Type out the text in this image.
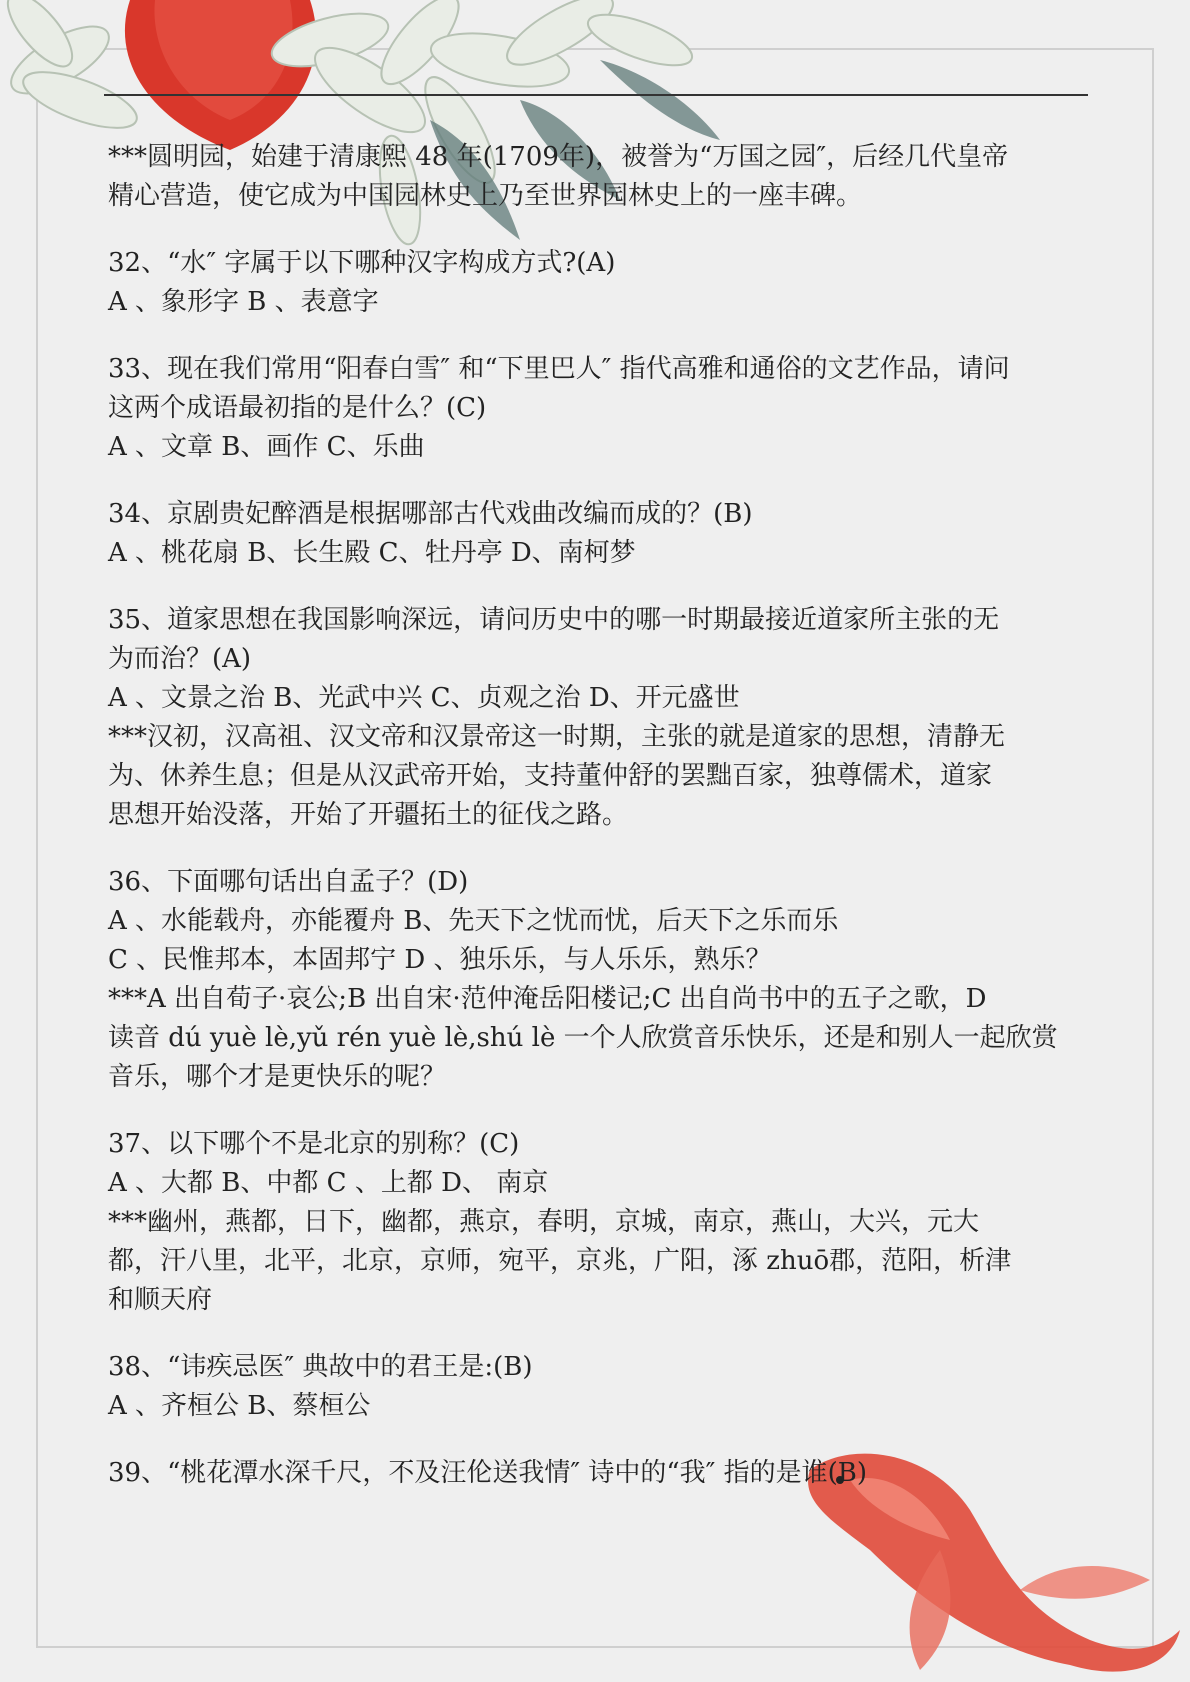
***圆明园，始建于清康熙 48 年(1709年)，被誉为“万国之园″，后经几代皇帝
精心营造，使它成为中国园林史上乃至世界园林史上的一座丰碑。
32、“水″ 字属于以下哪种汉字构成方式?(A)
A 、象形字 B 、表意字
33、现在我们常用“阳春白雪″ 和“下里巴人″ 指代高雅和通俗的文艺作品，请问
这两个成语最初指的是什么？(C)
A 、文章 B、画作 C、乐曲
34、京剧贵妃醉酒是根据哪部古代戏曲改编而成的？(B)
A 、桃花扇 B、长生殿 C、牡丹亭 D、南柯梦
35、道家思想在我国影响深远，请问历史中的哪一时期最接近道家所主张的无
为而治？(A)
A 、文景之治 B、光武中兴 C、贞观之治 D、开元盛世
***汉初，汉高祖、汉文帝和汉景帝这一时期，主张的就是道家的思想，清静无
为、休养生息；但是从汉武帝开始，支持董仲舒的罢黜百家，独尊儒术，道家
思想开始没落，开始了开疆拓土的征伐之路。
36、下面哪句话出自孟子？(D)
A 、水能载舟，亦能覆舟 B、先天下之忧而忧，后天下之乐而乐
C 、民惟邦本，本固邦宁 D 、独乐乐，与人乐乐，熟乐？
***A 出自荀子·哀公;B 出自宋·范仲淹岳阳楼记;C 出自尚书中的五子之歌，D
读音 dú yuè lè,yǔ rén yuè lè,shú lè 一个人欣赏音乐快乐，还是和别人一起欣赏
音乐，哪个才是更快乐的呢？
37、以下哪个不是北京的别称？(C)
A 、大都 B、中都 C 、上都 D、 南京
***幽州，燕都，日下，幽都，燕京，春明，京城，南京，燕山，大兴，元大
都，汗八里，北平，北京，京师，宛平，京兆，广阳，涿 zhuō郡，范阳，析津
和顺天府
38、“讳疾忌医″ 典故中的君王是:(B)
A 、齐桓公 B、蔡桓公
39、“桃花潭水深千尺，不及汪伦送我情″ 诗中的“我″ 指的是谁(B)
